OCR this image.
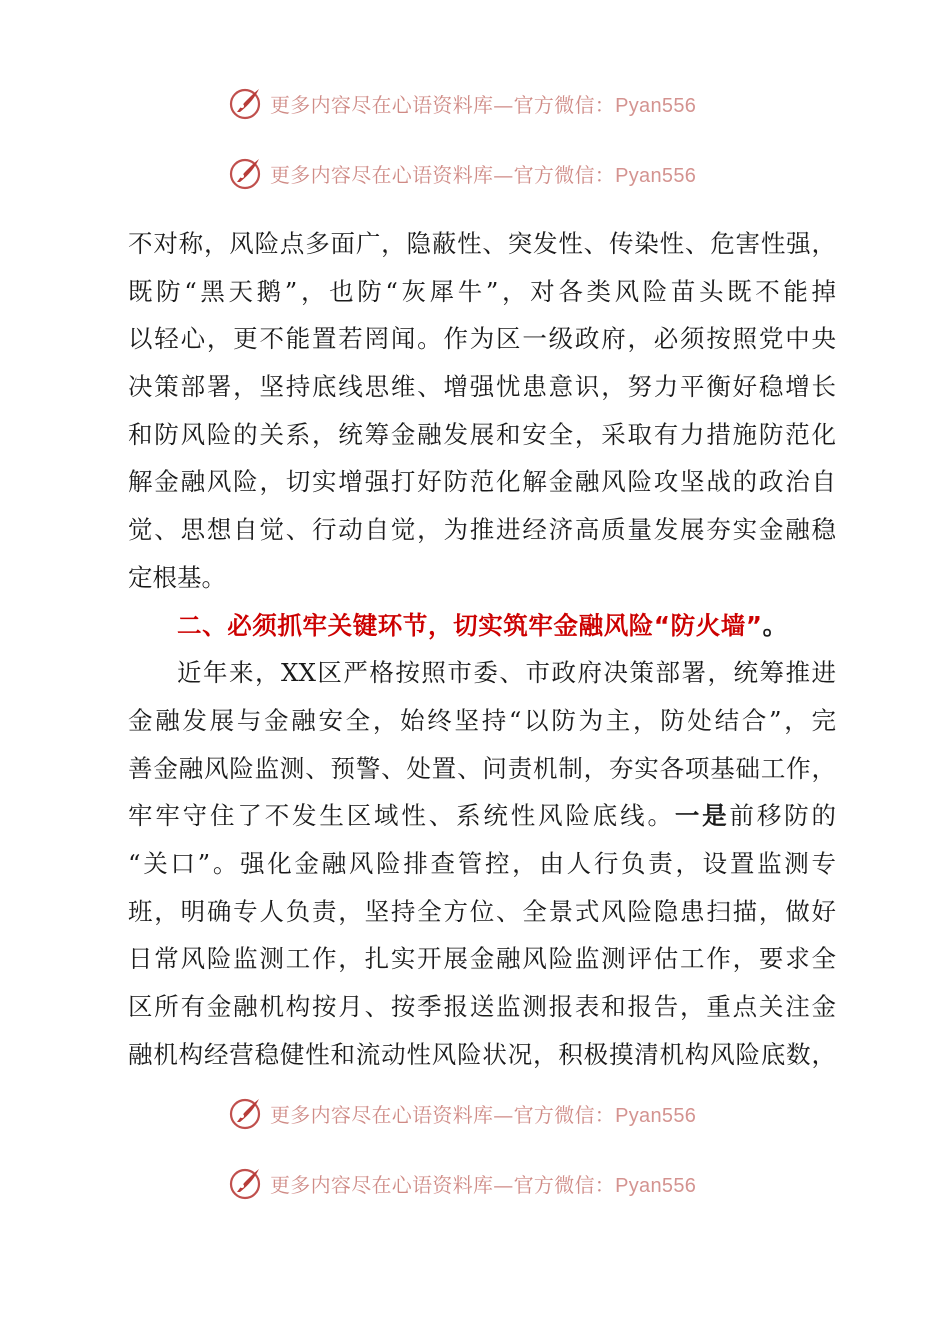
更多内容尽在心语资料库—官方微信：Pyan556
更多内容尽在心语资料库—官方微信：Pyan556
不对称，风险点多面广，隐蔽性、突发性、传染性、危害性强，
既防“黑天鹅”，也防“灰犀牛”，对各类风险苗头既不能掉
以轻心，更不能置若罔闻。作为区一级政府，必须按照党中央
决策部署，坚持底线思维、增强忧患意识，努力平衡好稳增长
和防风险的关系，统筹金融发展和安全，采取有力措施防范化
解金融风险，切实增强打好防范化解金融风险攻坚战的政治自
觉、思想自觉、行动自觉，为推进经济高质量发展夯实金融稳
定根基。
二、必须抓牢关键环节，切实筑牢金融风险“防火墙”。
近年来，XX区严格按照市委、市政府决策部署，统筹推进
金融发展与金融安全，始终坚持“以防为主，防处结合”，完
善金融风险监测、预警、处置、问责机制，夯实各项基础工作，
牢牢守住了不发生区域性、系统性风险底线。一是前移防的
“关口”。强化金融风险排查管控，由人行负责，设置监测专
班，明确专人负责，坚持全方位、全景式风险隐患扫描，做好
日常风险监测工作，扎实开展金融风险监测评估工作，要求全
区所有金融机构按月、按季报送监测报表和报告，重点关注金
融机构经营稳健性和流动性风险状况，积极摸清机构风险底数，
更多内容尽在心语资料库—官方微信：Pyan556
更多内容尽在心语资料库—官方微信：Pyan556
